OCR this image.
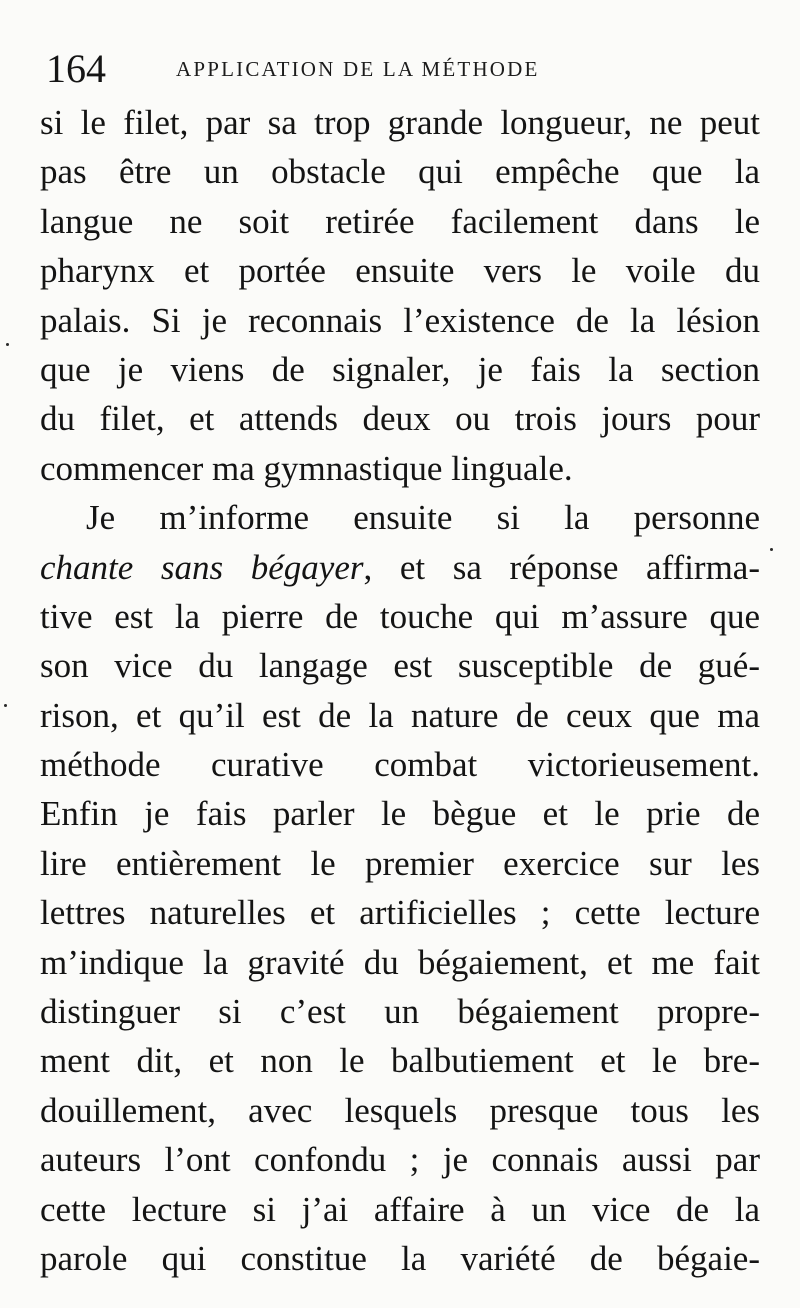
164	APPLICATION DE LA MÉTHODE
si le filet, par sa trop grande longueur, ne peut
pas être un obstacle qui empêche que la
langue ne soit retirée facilement dans le
pharynx et portée ensuite vers le voile du
palais. Si je reconnais l’existence de la lésion
que je viens de signaler, je fais la section
du filet, et attends deux ou trois jours pour
commencer ma gymnastique linguale.
Je m’informe ensuite si la personne
chante sans bégayer, et sa réponse affirma-
tive est la pierre de touche qui m’assure que
son vice du langage est susceptible de gué-
rison, et qu’il est de la nature de ceux que ma
méthode curative combat victorieusement.
Enfin je fais parler le bègue et le prie de
lire entièrement le premier exercice sur les
lettres naturelles et artificielles ; cette lecture
m’indique la gravité du bégaiement, et me fait
distinguer si c’est un bégaiement propre-
ment dit, et non le balbutiement et le bre-
douillement, avec lesquels presque tous les
auteurs l’ont confondu ; je connais aussi par
cette lecture si j’ai affaire à un vice de la
parole qui constitue la variété de bégaie-
